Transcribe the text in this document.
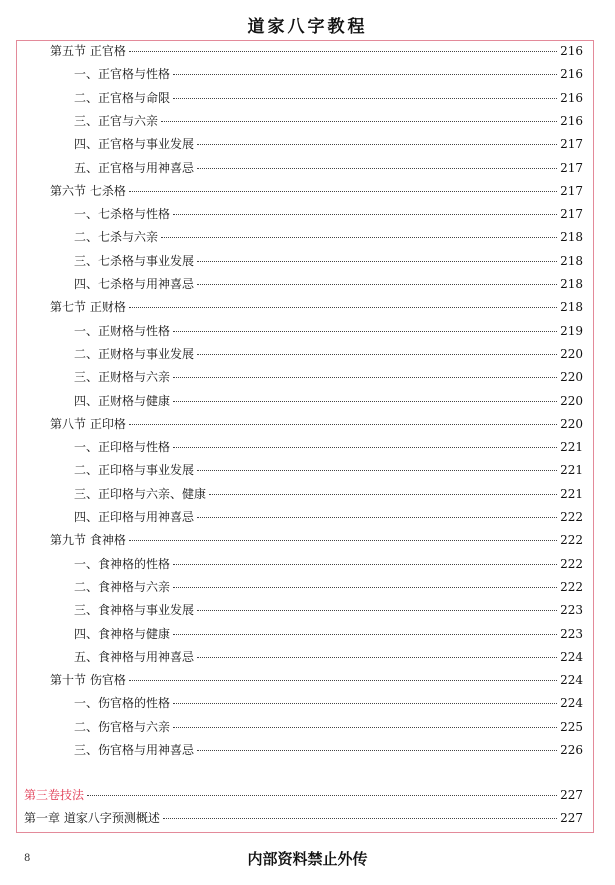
道家八字教程
第五节 正官格	216
一、正官格与性格	216
二、正官格与命限	216
三、正官与六亲	216
四、正官格与事业发展	217
五、正官格与用神喜忌	217
第六节 七杀格	217
一、七杀格与性格	217
二、七杀与六亲	218
三、七杀格与事业发展	218
四、七杀格与用神喜忌	218
第七节 正财格	218
一、正财格与性格	219
二、正财格与事业发展	220
三、正财格与六亲	220
四、正财格与健康	220
第八节 正印格	220
一、正印格与性格	221
二、正印格与事业发展	221
三、正印格与六亲、健康	221
四、正印格与用神喜忌	222
第九节 食神格	222
一、食神格的性格	222
二、食神格与六亲	222
三、食神格与事业发展	223
四、食神格与健康	223
五、食神格与用神喜忌	224
第十节 伤官格	224
一、伤官格的性格	224
二、伤官格与六亲	225
三、伤官格与用神喜忌	226
第三卷技法	227
第一章 道家八字预测概述	227
8	内部资料禁止外传
